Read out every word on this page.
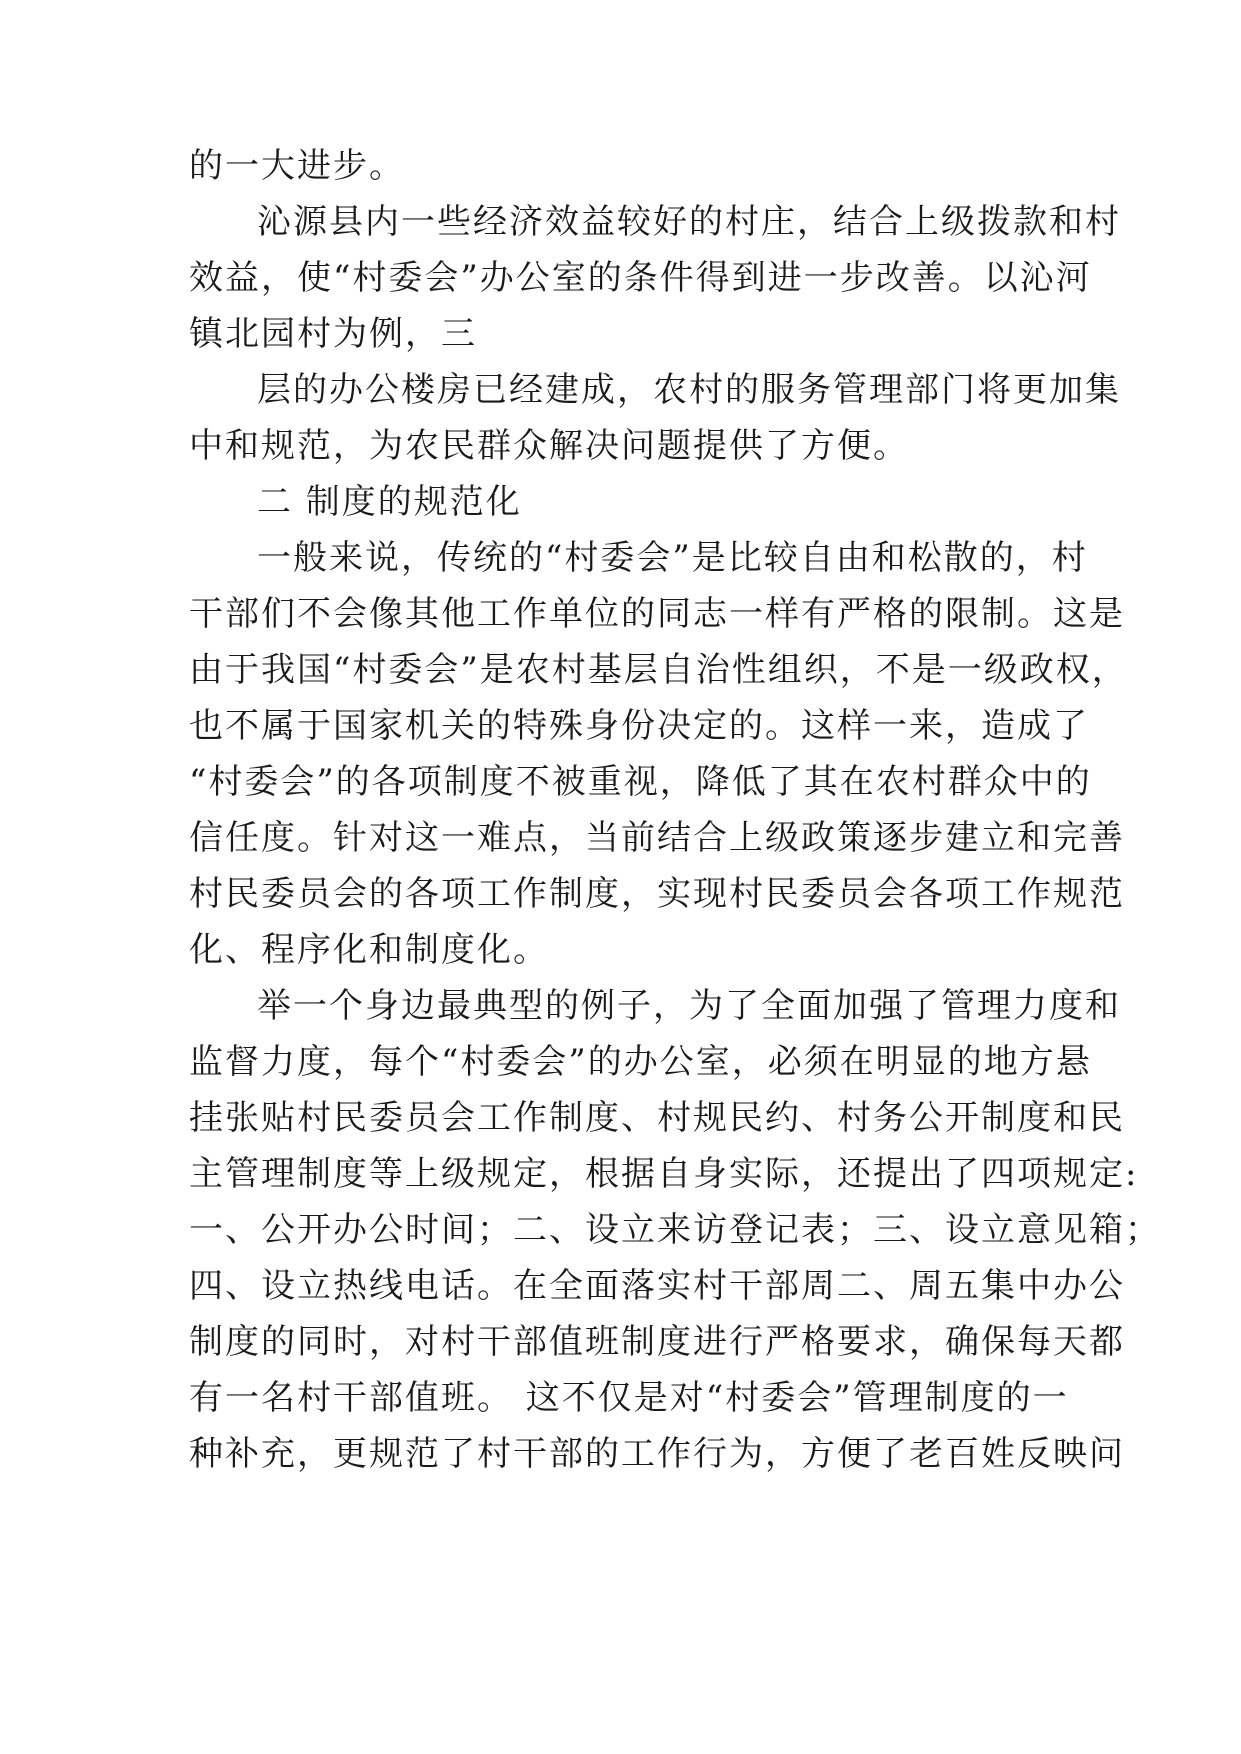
的一大进步。
沁源县内一些经济效益较好的村庄，结合上级拨款和村
效益，使“村委会”办公室的条件得到进一步改善。以沁河
镇北园村为例，三
层的办公楼房已经建成，农村的服务管理部门将更加集
中和规范，为农民群众解决问题提供了方便。
二 制度的规范化
一般来说，传统的“村委会”是比较自由和松散的，村
干部们不会像其他工作单位的同志一样有严格的限制。这是
由于我国“村委会”是农村基层自治性组织，不是一级政权，
也不属于国家机关的特殊身份决定的。这样一来，造成了
“村委会”的各项制度不被重视，降低了其在农村群众中的
信任度。针对这一难点，当前结合上级政策逐步建立和完善
村民委员会的各项工作制度，实现村民委员会各项工作规范
化、程序化和制度化。
举一个身边最典型的例子，为了全面加强了管理力度和
监督力度，每个“村委会”的办公室，必须在明显的地方悬
挂张贴村民委员会工作制度、村规民约、村务公开制度和民
主管理制度等上级规定，根据自身实际，还提出了四项规定:
一、公开办公时间；二、设立来访登记表；三、设立意见箱；
四、设立热线电话。在全面落实村干部周二、周五集中办公
制度的同时，对村干部值班制度进行严格要求，确保每天都
有一名村干部值班。 这不仅是对“村委会”管理制度的一
种补充，更规范了村干部的工作行为，方便了老百姓反映问
